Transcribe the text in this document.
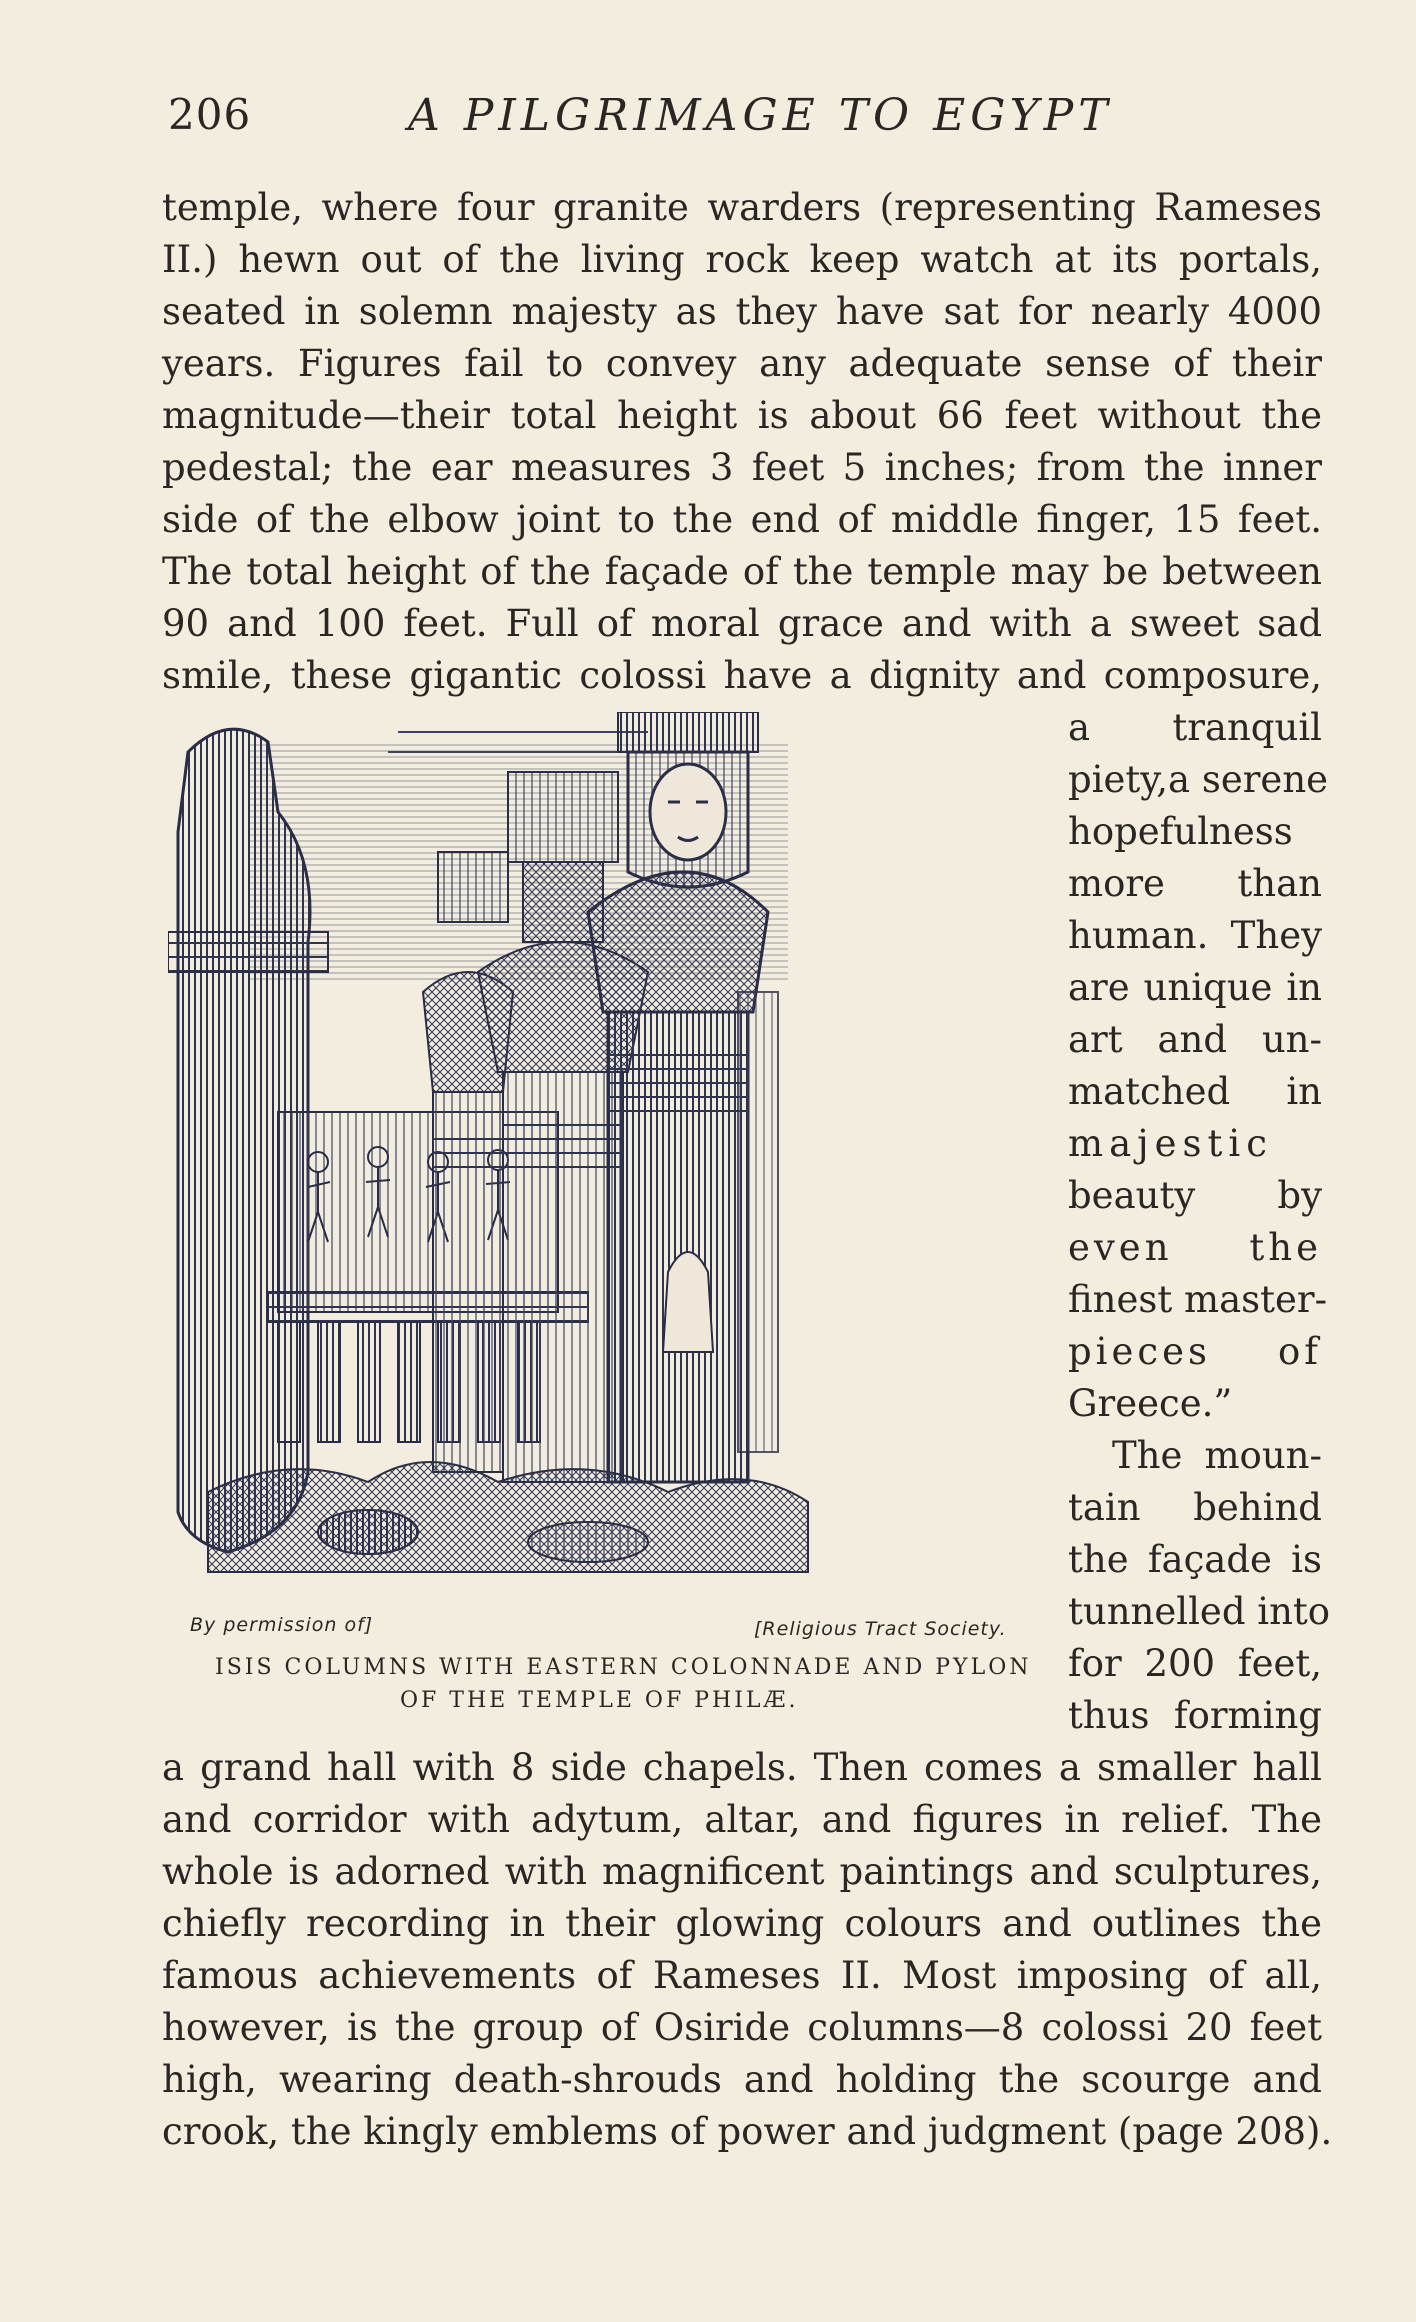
206	A PILGRIMAGE TO EGYPT
temple, where four granite warders (representing Rameses
II.) hewn out of the living rock keep watch at its portals,
seated in solemn majesty as they have sat for nearly 4000
years. Figures fail to convey any adequate sense of their
magnitude—their total height is about 66 feet without the
pedestal; the ear measures 3 feet 5 inches; from the inner
side of the elbow joint to the end of middle finger, 15 feet.
The total height of the façade of the temple may be between
90 and 100 feet. Full of moral grace and with a sweet sad
smile, these gigantic colossi have a dignity and composure,
a tranquil
piety,a serene
hopefulness
more than
human. They
are unique in
art and un-
matched in
majestic
beauty by
even the
finest master-
pieces of
Greece.”
The moun-
tain behind
the façade is
tunnelled into
for 200 feet,
thus forming
a grand hall with 8 side chapels. Then comes a smaller hall
and corridor with adytum, altar, and figures in relief. The
whole is adorned with magnificent paintings and sculptures,
chiefly recording in their glowing colours and outlines the
famous achievements of Rameses II. Most imposing of all,
however, is the group of Osiride columns—8 colossi 20 feet
high, wearing death-shrouds and holding the scourge and
crook, the kingly emblems of power and judgment (page 208).
By permission of]	[Religious Tract Society.
ISIS COLUMNS WITH EASTERN COLONNADE AND PYLON
OF THE TEMPLE OF PHILÆ.
